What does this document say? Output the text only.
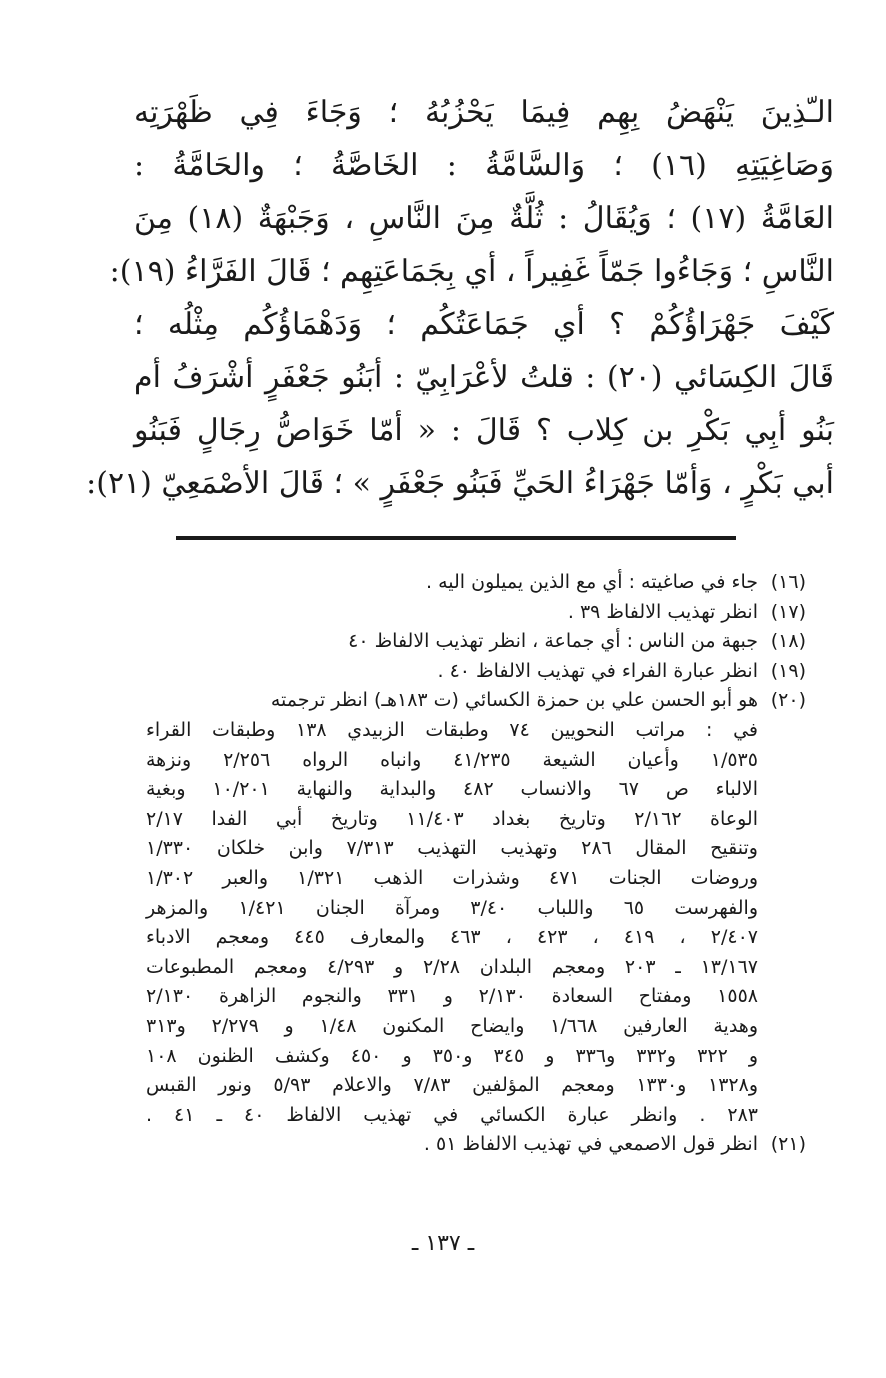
الـّذِينَ يَنْهَضُ بِهِم فِيمَا يَحْزُبُهُ ؛ وَجَاءَ فِي ظَهْرَتِه
وَصَاغِيَتِهِ (١٦) ؛ وَالسَّامَّةُ : الخَاصَّةُ ؛ والحَامَّةُ :
العَامَّةُ (١٧) ؛ وَيُقَالُ : ثُلَّةٌ مِنَ النَّاسِ ، وَجَبْهَةٌ (١٨) مِنَ
النَّاسِ ؛ وَجَاءُوا جَمّاً غَفِيراً ، أي بِجَمَاعَتِهِم ؛ قَالَ الفَرَّاءُ (١٩):
كَيْفَ جَهْرَاؤُكُمْ ؟ أي جَمَاعَتُكُم ؛ وَدَهْمَاؤُكُم مِثْلُه ؛
قَالَ الكِسَائي (٢٠) : قلتُ لأعْرَابِيّ : أبَنُو جَعْفَرٍ أشْرَفُ أم
بَنُو أبِي بَكْرِ بن كِلاب ؟ قَالَ : « أمّا خَوَاصُّ رِجَالٍ فَبَنُو
أبي بَكْرٍ ، وَأمّا جَهْرَاءُ الحَيِّ فَبَنُو جَعْفَرٍ » ؛ قَالَ الأصْمَعِيّ (٢١):
(١٦)
جاء في صاغيته : أي مع الذين يميلون اليه .
(١٧)
انظر تهذيب الالفاظ ٣٩ .
(١٨)
جبهة من الناس : أي جماعة ، انظر تهذيب الالفاظ ٤٠
(١٩)
انظر عبارة الفراء في تهذيب الالفاظ ٤٠ .
(٢٠)
هو أبو الحسن علي بن حمزة الكسائي (ت ١٨٣هـ) انظر ترجمته
في : مراتب النحويين ٧٤ وطبقات الزبيدي ١٣٨ وطبقات القراء
١/٥٣٥ وأعيان الشيعة ٤١/٢٣٥ وانباه الرواه ٢/٢٥٦ ونزهة
الالباء ص ٦٧ والانساب ٤٨٢ والبداية والنهاية ١٠/٢٠١ وبغية
الوعاة ٢/١٦٢ وتاريخ بغداد ١١/٤٠٣ وتاريخ أبي الفدا ٢/١٧
وتنقيح المقال ٢٨٦ وتهذيب التهذيب ٧/٣١٣ وابن خلكان ١/٣٣٠
وروضات الجنات ٤٧١ وشذرات الذهب ١/٣٢١ والعبر ١/٣٠٢
والفهرست ٦٥ واللباب ٣/٤٠ ومرآة الجنان ١/٤٢١ والمزهر
٢/٤٠٧ ، ٤١٩ ، ٤٢٣ ، ٤٦٣ والمعارف ٤٤٥ ومعجم الادباء
١٣/١٦٧ ـ ٢٠٣ ومعجم البلدان ٢/٢٨ و ٤/٢٩٣ ومعجم المطبوعات
١٥٥٨ ومفتاح السعادة ٢/١٣٠ و ٣٣١ والنجوم الزاهرة ٢/١٣٠
وهدية العارفين ١/٦٦٨ وايضاح المكنون ١/٤٨ و ٢/٢٧٩ و٣١٣
و ٣٢٢ و٣٣٢ و٣٣٦ و ٣٤٥ و٣٥٠ و ٤٥٠ وكشف الظنون ١٠٨
و١٣٢٨ و١٣٣٠ ومعجم المؤلفين ٧/٨٣ والاعلام ٥/٩٣ ونور القبس
٢٨٣ . وانظر عبارة الكسائي في تهذيب الالفاظ ٤٠ ـ ٤١ .
(٢١)
انظر قول الاصمعي في تهذيب الالفاظ ٥١ .
ـ ١٣٧ ـ
